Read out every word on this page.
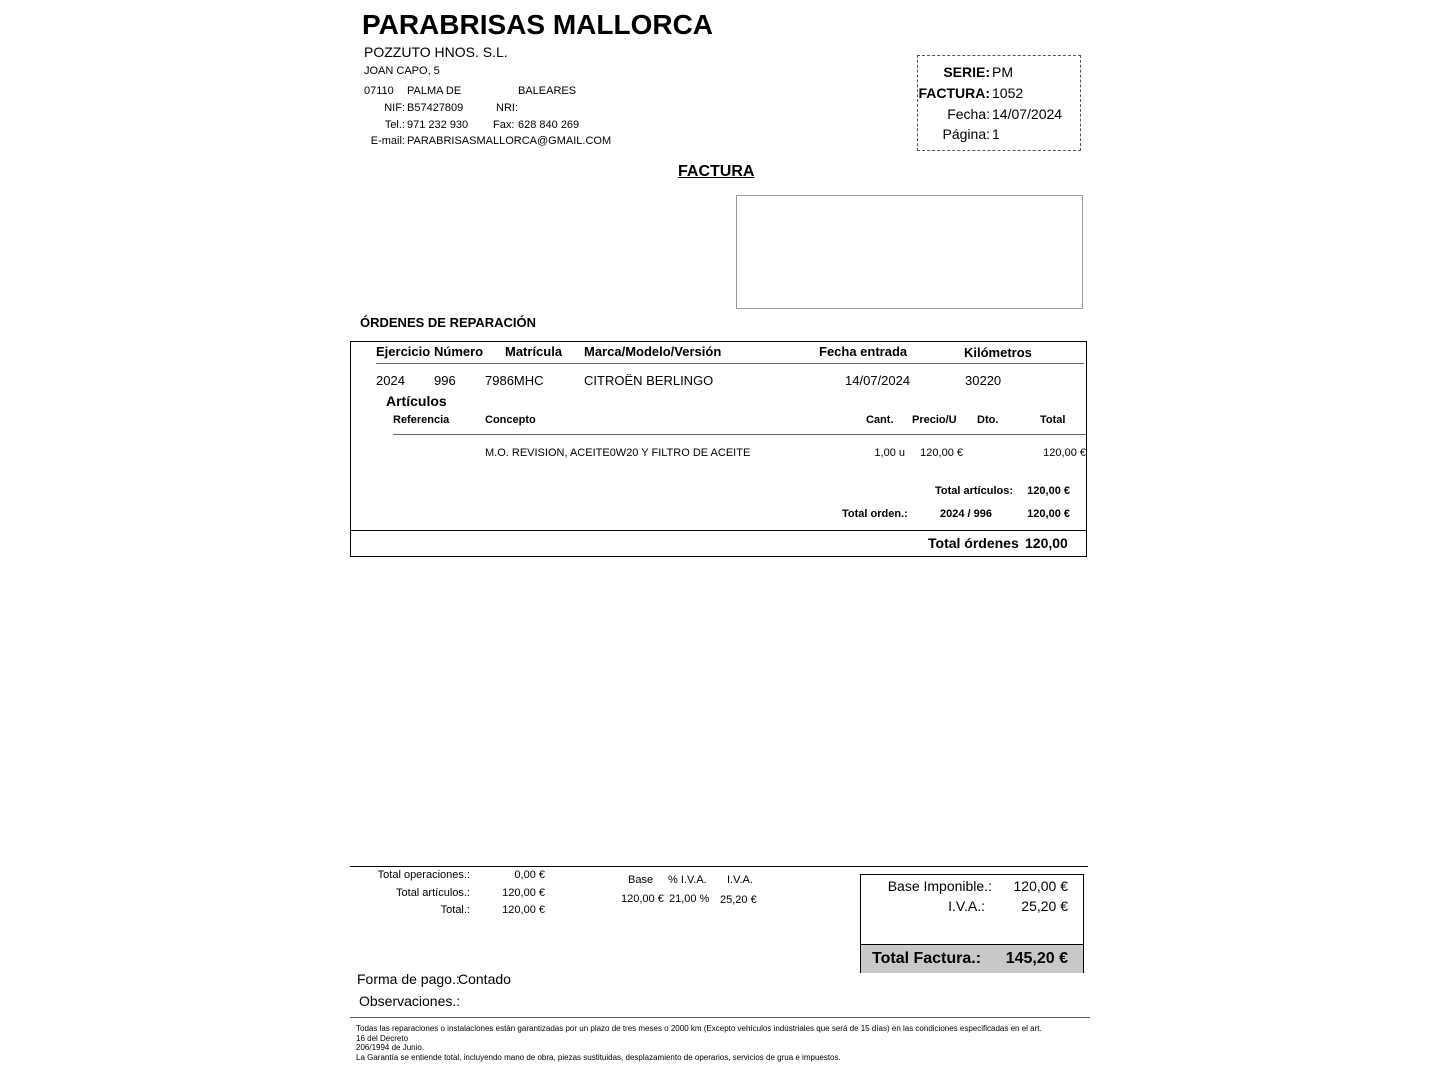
PARABRISAS MALLORCA
POZZUTO HNOS. S.L.
JOAN CAPO, 5
07110 PALMA DE	BALEARES
NIF: B57427809	NRI:
Tel.: 971 232 930 Fax: 628 840 269
E-mail: PARABRISASMALLORCA@GMAIL.COM
SERIE: PM
FACTURA: 1052
Fecha: 14/07/2024
Página: 1
FACTURA
ÓRDENES DE REPARACIÓN
Ejercicio Número Matrícula Marca/Modelo/Versión	Fecha entrada	Kilómetros
2024 996 7986MHC	CITROËN BERLINGO	14/07/2024	30220
Artículos
Referencia	Concepto	Cant. Precio/U Dto.	Total
M.O. REVISION, ACEITE0W20 Y FILTRO DE ACEITE	1,00 u	120,00 €	120,00 €
Total artículos:	120,00 €
Total orden.:	2024 / 996	120,00 €
Total órdenes 120,00
Total operaciones.:	0,00 €
Total artículos.:	120,00 €
Total.:	120,00 €
Base % I.V.A. I.V.A.
120,00 € 21,00 % 25,20 €
Base Imponible.:	120,00 €
I.V.A.:	25,20 €
Total Factura.:	145,20 €
Forma de pago.:
Contado
Observaciones.:
Todas las reparaciones o instalaciones están garantizadas por un plazo de tres meses o 2000 km (Excepto vehículos industriales que será de 15 días) en las condiciones especificadas en el art.
16 del Decreto
206/1994 de Junio.
La Garantía se entiende total, incluyendo mano de obra, piezas sustituidas, desplazamiento de operarios, servicios de grua e impuestos.
